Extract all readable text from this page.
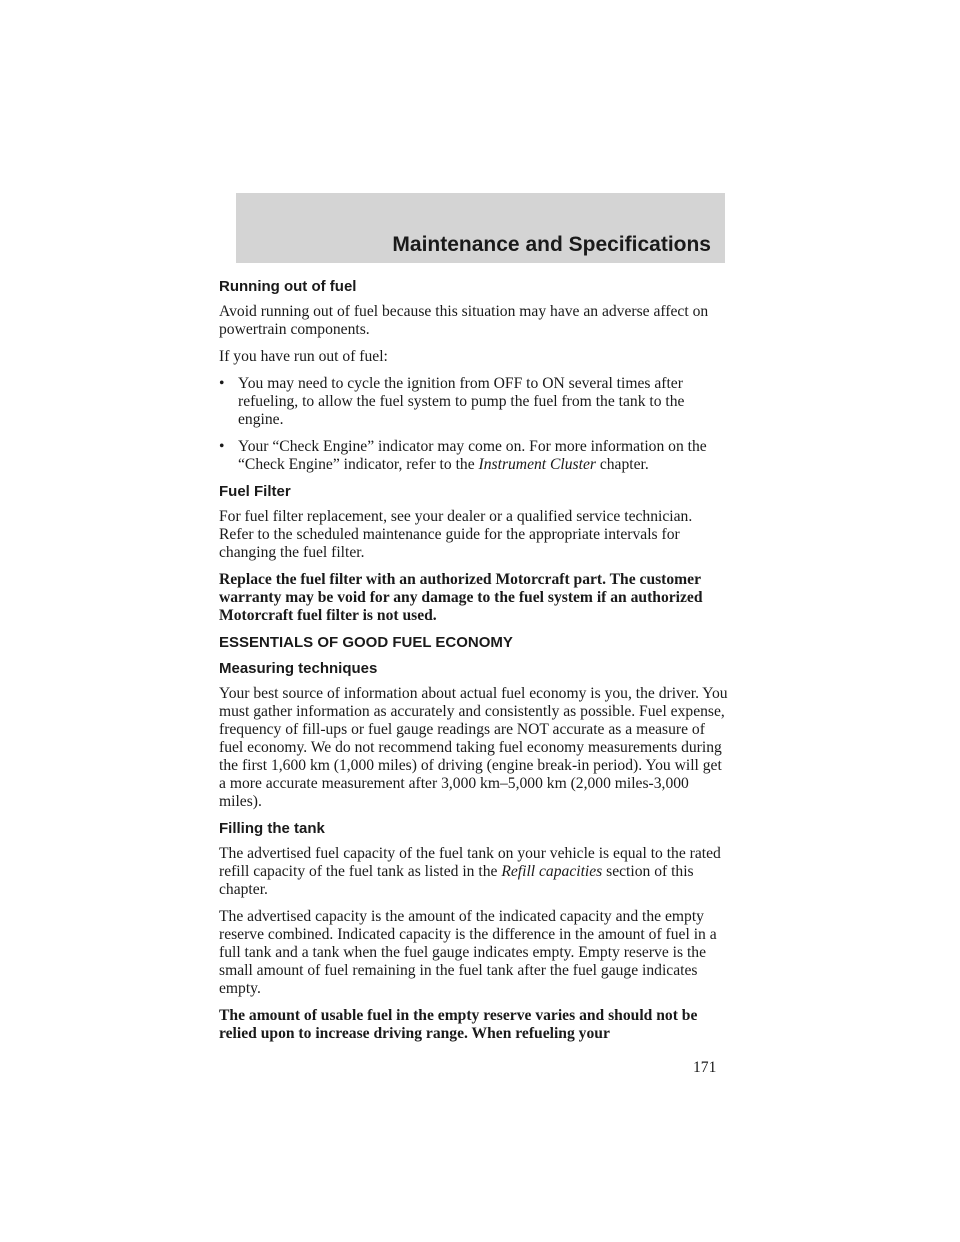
Maintenance and Specifications
Running out of fuel

Avoid running out of fuel because this situation may have an adverse affect on powertrain components.

If you have run out of fuel:

• You may need to cycle the ignition from OFF to ON several times after refueling, to allow the fuel system to pump the fuel from the tank to the engine.
• Your “Check Engine” indicator may come on. For more information on the “Check Engine” indicator, refer to the Instrument Cluster chapter.
Fuel Filter

For fuel filter replacement, see your dealer or a qualified service technician. Refer to the scheduled maintenance guide for the appropriate intervals for changing the fuel filter.

Replace the fuel filter with an authorized Motorcraft part. The customer warranty may be void for any damage to the fuel system if an authorized Motorcraft fuel filter is not used.

ESSENTIALS OF GOOD FUEL ECONOMY
Measuring techniques

Your best source of information about actual fuel economy is you, the driver. You must gather information as accurately and consistently as possible. Fuel expense, frequency of fill-ups or fuel gauge readings are NOT accurate as a measure of fuel economy. We do not recommend taking fuel economy measurements during the first 1,600 km (1,000 miles) of driving (engine break-in period). You will get a more accurate measurement after 3,000 km–5,000 km (2,000 miles-3,000 miles).

Filling the tank

The advertised fuel capacity of the fuel tank on your vehicle is equal to the rated refill capacity of the fuel tank as listed in the Refill capacities section of this chapter.

The advertised capacity is the amount of the indicated capacity and the empty reserve combined. Indicated capacity is the difference in the amount of fuel in a full tank and a tank when the fuel gauge indicates empty. Empty reserve is the small amount of fuel remaining in the fuel tank after the fuel gauge indicates empty.

The amount of usable fuel in the empty reserve varies and should not be relied upon to increase driving range. When refueling your

171
